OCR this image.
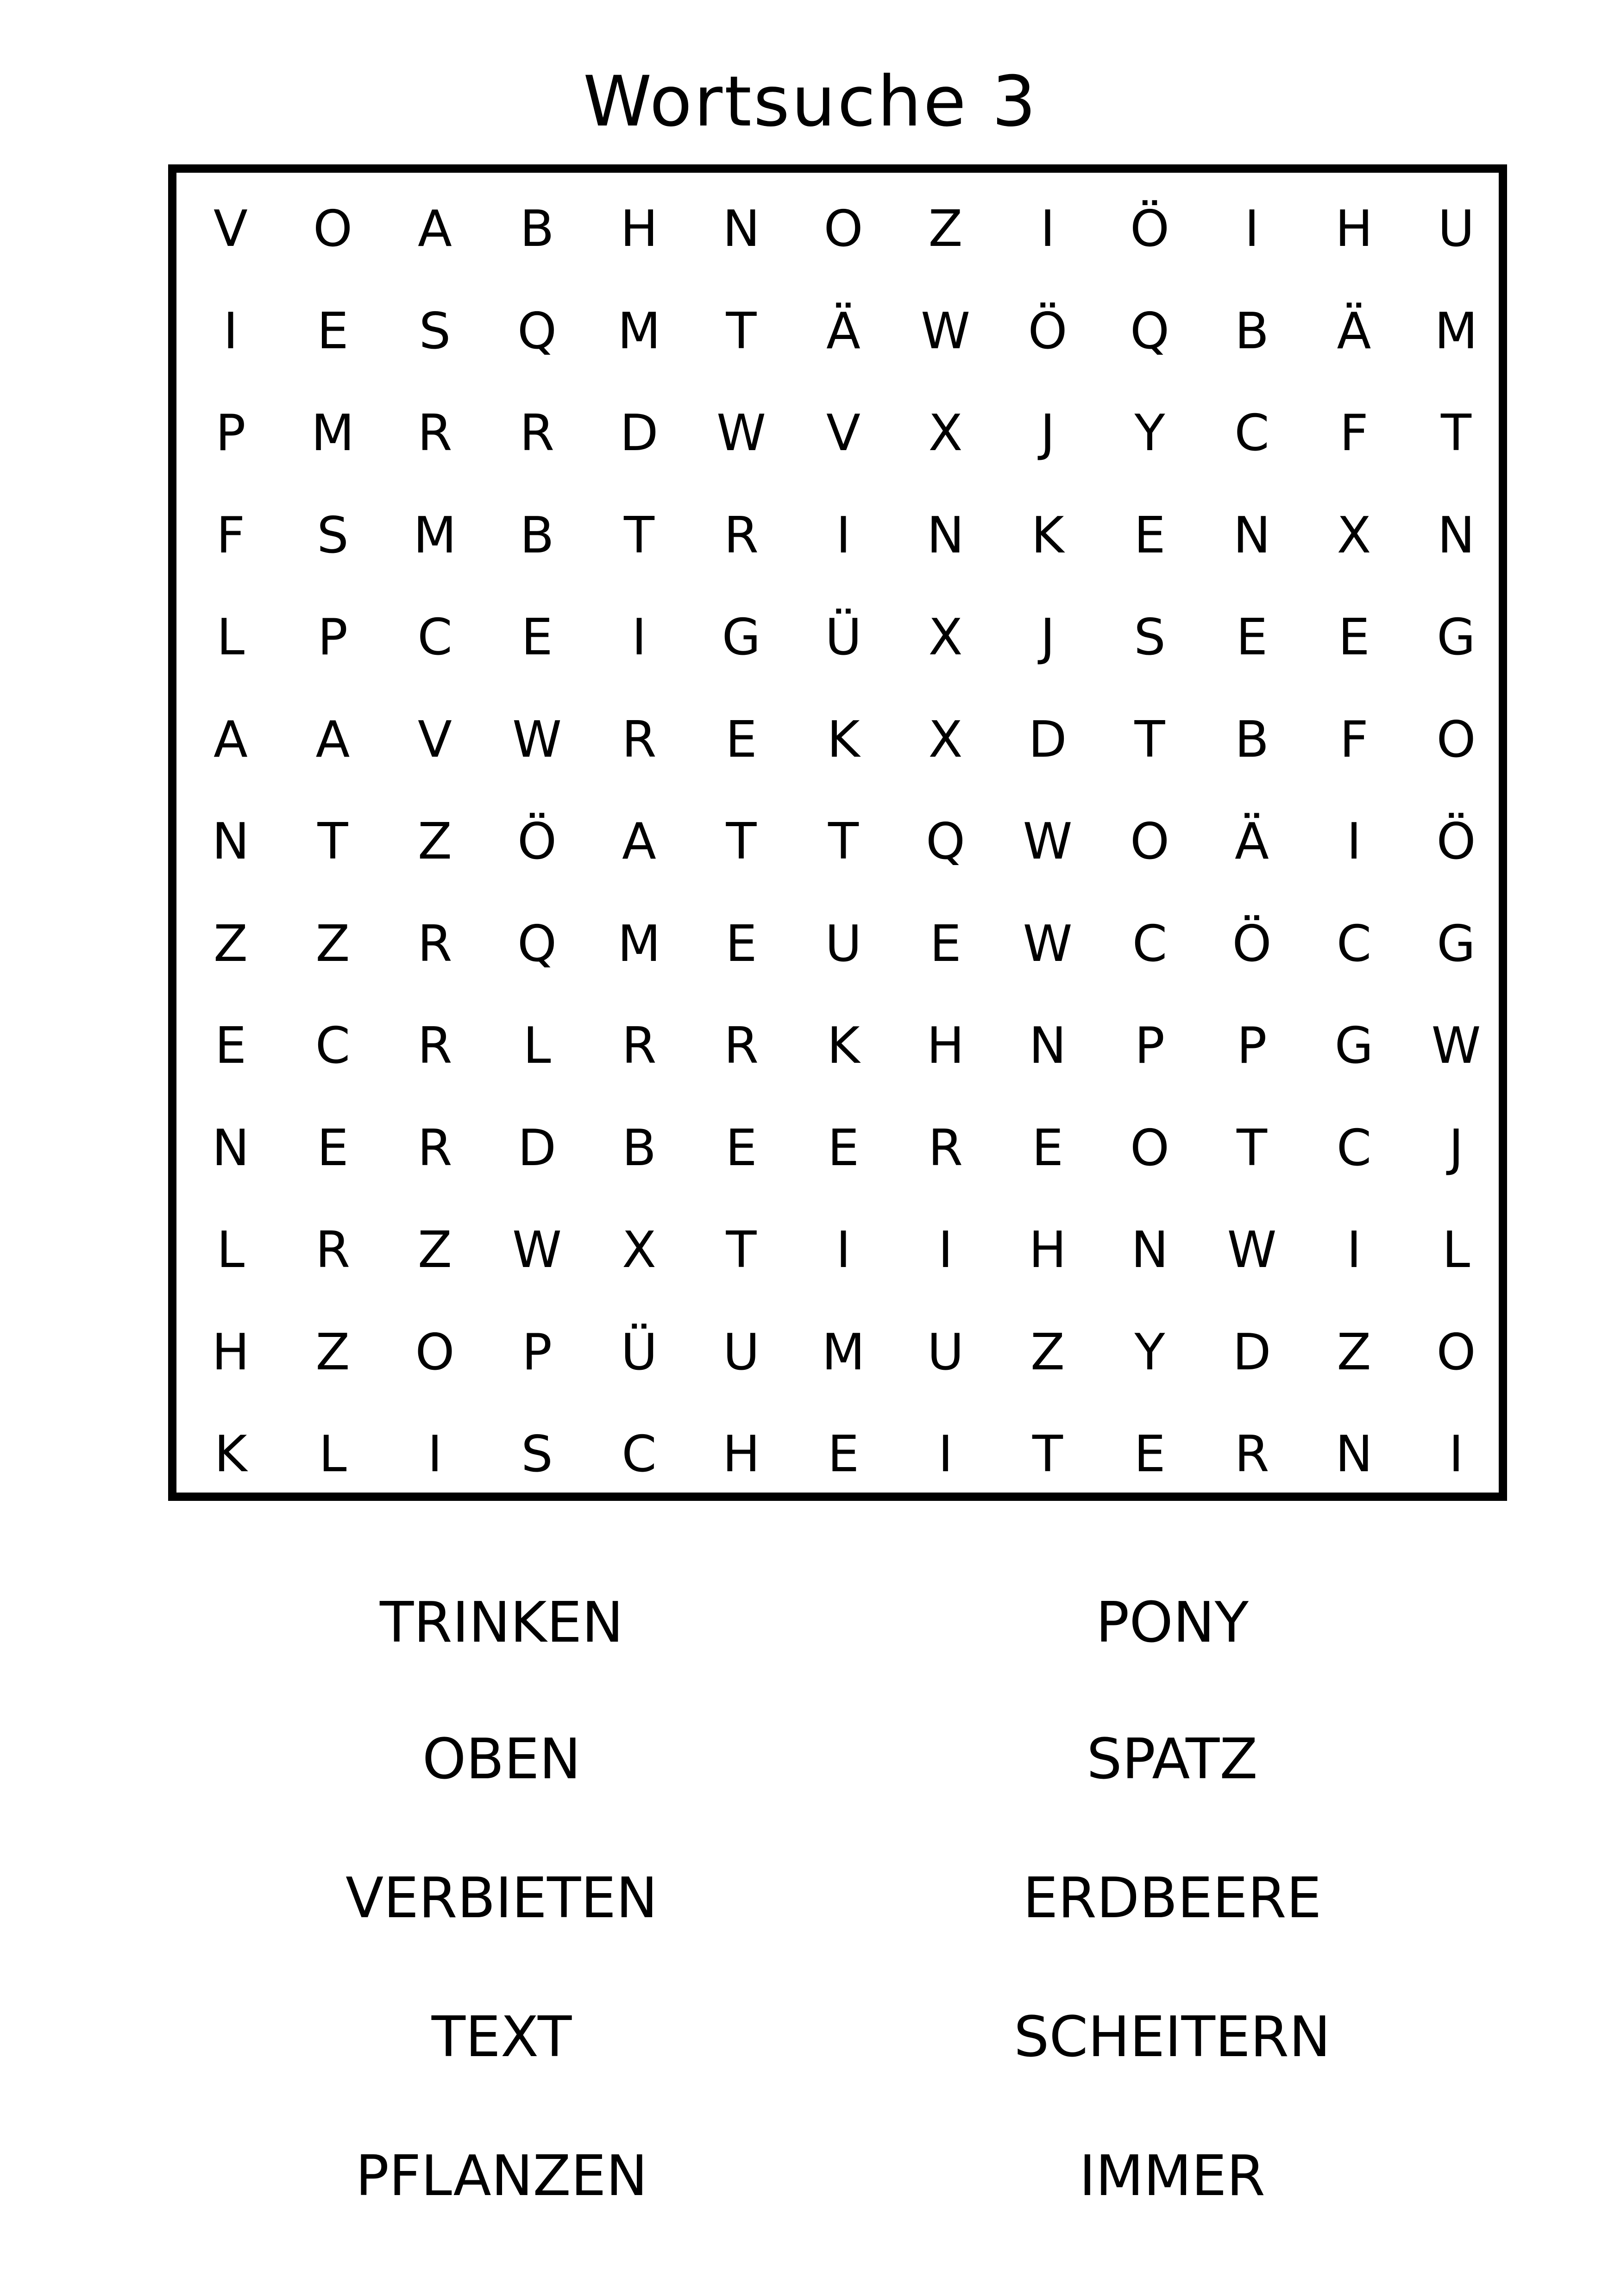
Wortsuche 3
V	O	A	B	H	N	O	Z	I	Ö	I	H	U
I	E	S	Q	M	T	Ä	W	Ö	Q	B	Ä	M
P	M	R	R	D	W	V	X	J	Y	C	F	T
F	S	M	B	T	R	I	N	K	E	N	X	N
L	P	C	E	I	G	Ü	X	J	S	E	E	G
A	A	V	W	R	E	K	X	D	T	B	F	O
N	T	Z	Ö	A	T	T	Q	W	O	Ä	I	Ö
Z	Z	R	Q	M	E	U	E	W	C	Ö	C	G
E	C	R	L	R	R	K	H	N	P	P	G	W
N	E	R	D	B	E	E	R	E	O	T	C	J
L	R	Z	W	X	T	I	I	H	N	W	I	L
H	Z	O	P	Ü	U	M	U	Z	Y	D	Z	O
K	L	I	S	C	H	E	I	T	E	R	N	I
TRINKEN
OBEN
VERBIETEN
TEXT
PFLANZEN
PONY
SPATZ
ERDBEERE
SCHEITERN
IMMER
